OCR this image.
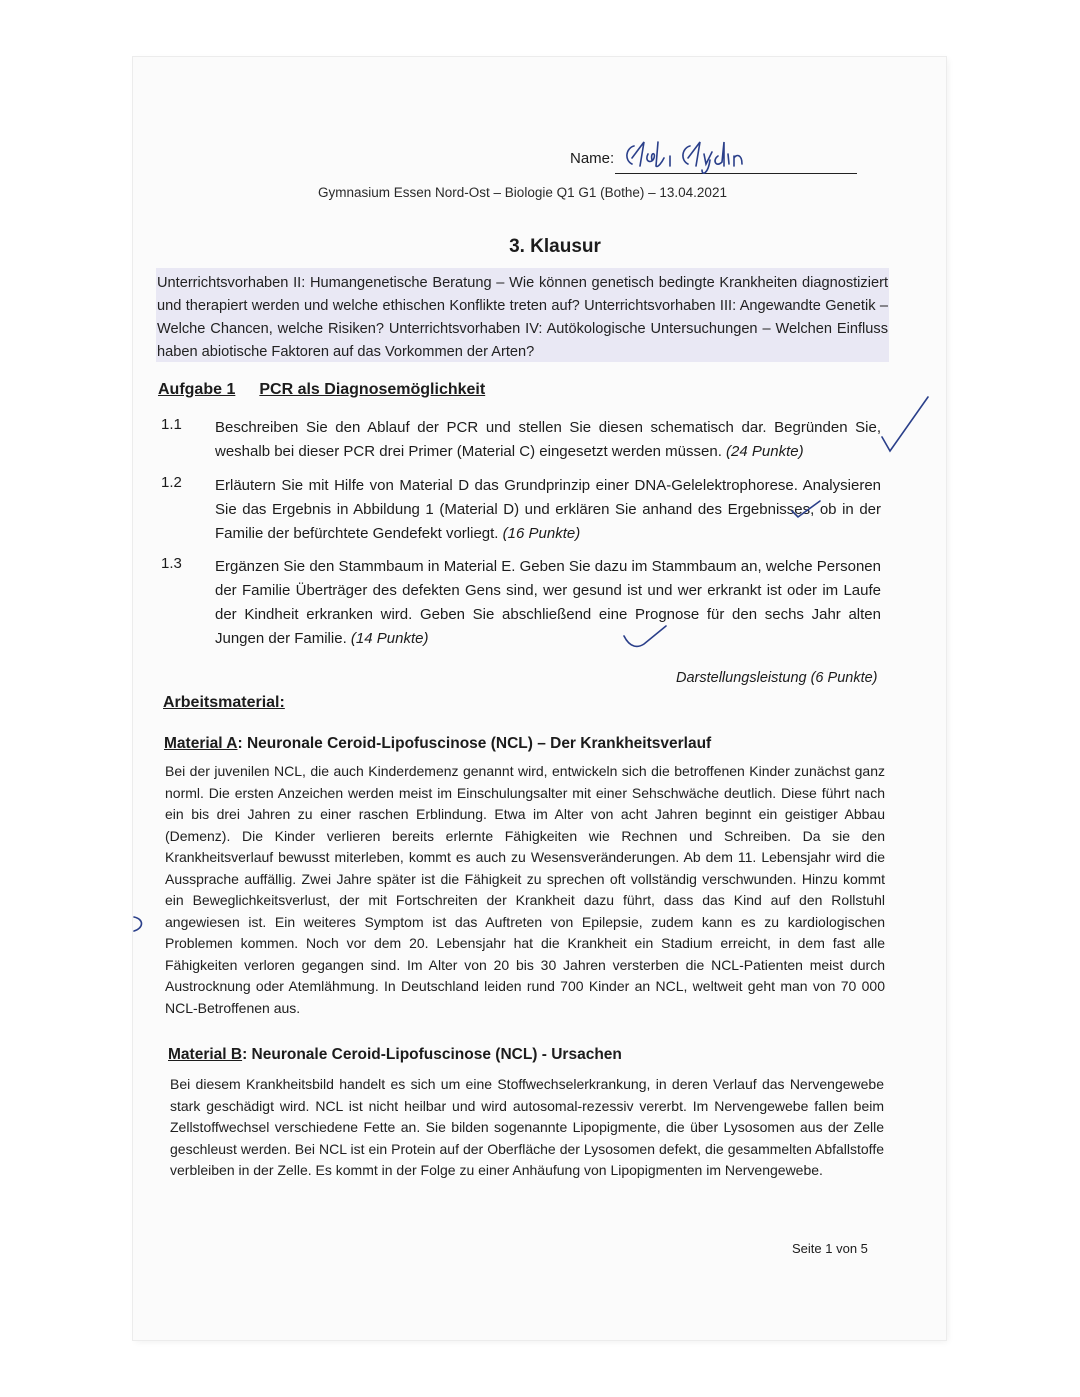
Name:
Gymnasium Essen Nord-Ost – Biologie Q1 G1 (Bothe) – 13.04.2021
3. Klausur
Unterrichtsvorhaben II: Humangenetische Beratung – Wie können genetisch bedingte Krankheiten diagnostiziert und therapiert werden und welche ethischen Konflikte treten auf? Unterrichtsvorhaben III: Angewandte Genetik – Welche Chancen, welche Risiken? Unterrichtsvorhaben IV: Autökologische Untersuchungen – Welchen Einfluss haben abiotische Faktoren auf das Vorkommen der Arten?
Aufgabe 1 PCR als Diagnosemöglichkeit
1.1 Beschreiben Sie den Ablauf der PCR und stellen Sie diesen schematisch dar. Begründen Sie, weshalb bei dieser PCR drei Primer (Material C) eingesetzt werden müssen. (24 Punkte)
1.2 Erläutern Sie mit Hilfe von Material D das Grundprinzip einer DNA-Gelelektrophorese. Analysieren Sie das Ergebnis in Abbildung 1 (Material D) und erklären Sie anhand des Ergebnisses, ob in der Familie der befürchtete Gendefekt vorliegt. (16 Punkte)
1.3 Ergänzen Sie den Stammbaum in Material E. Geben Sie dazu im Stammbaum an, welche Personen der Familie Überträger des defekten Gens sind, wer gesund ist und wer erkrankt ist oder im Laufe der Kindheit erkranken wird. Geben Sie abschließend eine Prognose für den sechs Jahr alten Jungen der Familie. (14 Punkte)
Darstellungsleistung (6 Punkte)
Arbeitsmaterial:
Material A: Neuronale Ceroid-Lipofuscinose (NCL) – Der Krankheitsverlauf
Bei der juvenilen NCL, die auch Kinderdemenz genannt wird, entwickeln sich die betroffenen Kinder zunächst ganz norml. Die ersten Anzeichen werden meist im Einschulungsalter mit einer Sehschwäche deutlich. Diese führt nach ein bis drei Jahren zu einer raschen Erblindung. Etwa im Alter von acht Jahren beginnt ein geistiger Abbau (Demenz). Die Kinder verlieren bereits erlernte Fähigkeiten wie Rechnen und Schreiben. Da sie den Krankheitsverlauf bewusst miterleben, kommt es auch zu Wesensveränderungen. Ab dem 11. Lebensjahr wird die Aussprache auffällig. Zwei Jahre später ist die Fähigkeit zu sprechen oft vollständig verschwunden. Hinzu kommt ein Beweglichkeitsverlust, der mit Fortschreiten der Krankheit dazu führt, dass das Kind auf den Rollstuhl angewiesen ist. Ein weiteres Symptom ist das Auftreten von Epilepsie, zudem kann es zu kardiologischen Problemen kommen. Noch vor dem 20. Lebensjahr hat die Krankheit ein Stadium erreicht, in dem fast alle Fähigkeiten verloren gegangen sind. Im Alter von 20 bis 30 Jahren versterben die NCL-Patienten meist durch Austrocknung oder Atemlähmung. In Deutschland leiden rund 700 Kinder an NCL, weltweit geht man von 70 000 NCL-Betroffenen aus.
Material B: Neuronale Ceroid-Lipofuscinose (NCL) - Ursachen
Bei diesem Krankheitsbild handelt es sich um eine Stoffwechselerkrankung, in deren Verlauf das Nervengewebe stark geschädigt wird. NCL ist nicht heilbar und wird autosomal-rezessiv vererbt. Im Nervengewebe fallen beim Zellstoffwechsel verschiedene Fette an. Sie bilden sogenannte Lipopigmente, die über Lysosomen aus der Zelle geschleust werden. Bei NCL ist ein Protein auf der Oberfläche der Lysosomen defekt, die gesammelten Abfallstoffe verbleiben in der Zelle. Es kommt in der Folge zu einer Anhäufung von Lipopigmenten im Nervengewebe.
Seite 1 von 5
